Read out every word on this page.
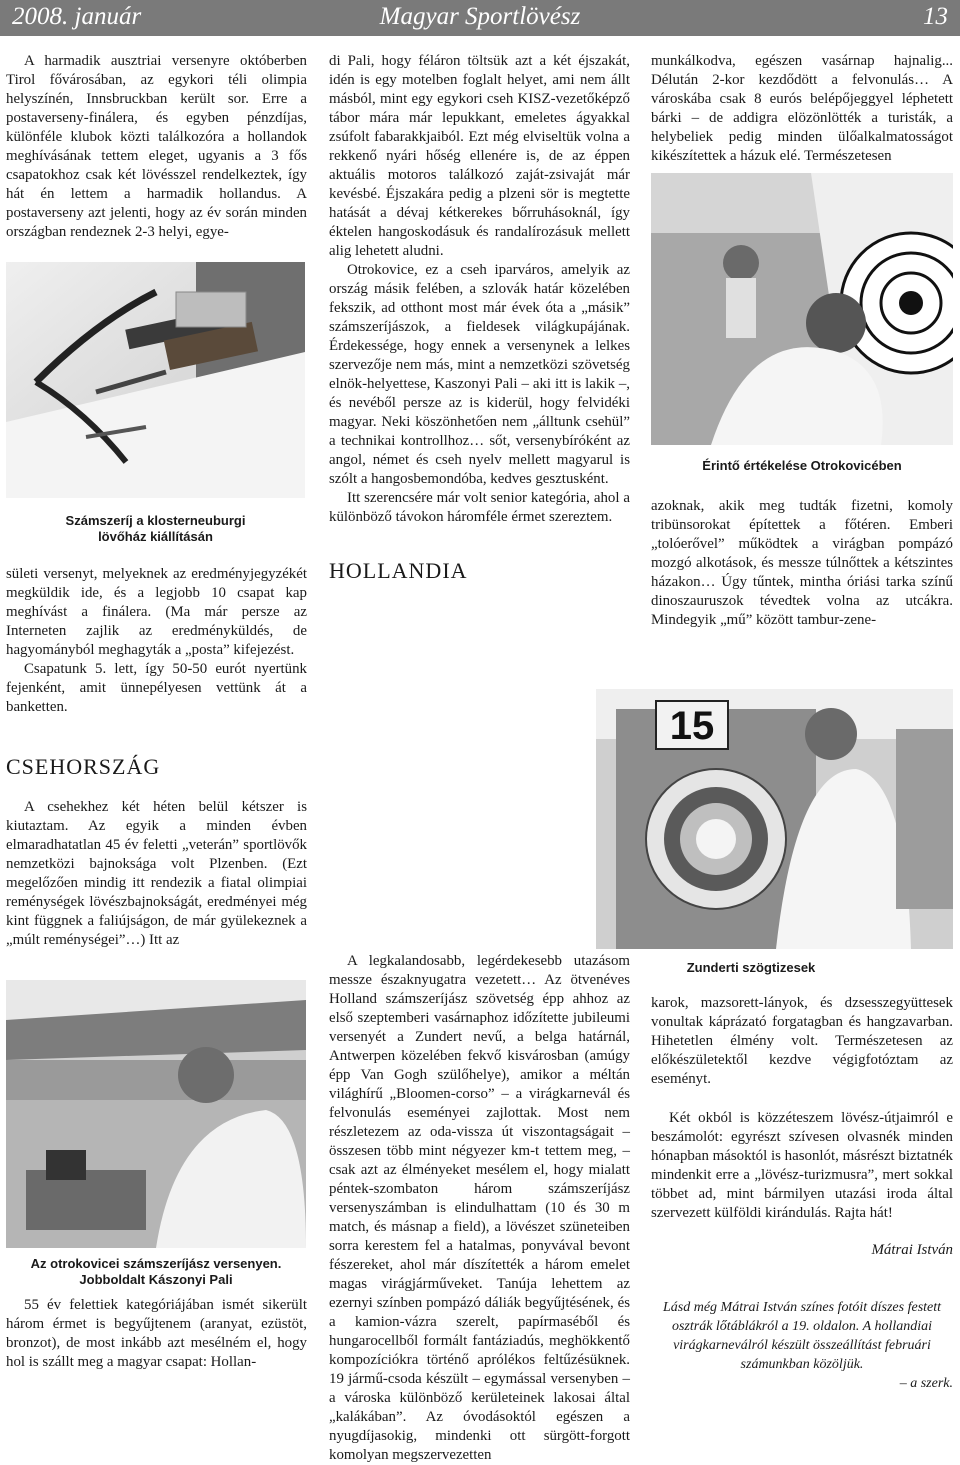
Magyar Sportlövész
2008. január	13

A harmadik ausztriai versenyre októberben Tirol fővárosában, az egykori téli olimpia helyszínén, Innsbruckban került sor. Erre a postaverseny-finálera, és egyben pénzdíjas, különféle klubok közti találkozóra a hollandok meghívásának tettem eleget, ugyanis a 3 fős csapatokhoz csak két lövésszel rendelkeztek, így hát én lettem a harmadik hollandus. A postaverseny azt jelenti, hogy az év során minden országban rendeznek 2-3 helyi, egye-

Számszeríj a klosterneuburgi
lövőház kiállításán

sületi versenyt, melyeknek az eredményjegyzékét megküldik ide, és a legjobb 10 csapat kap meghívást a finálera. (Ma már persze az Interneten zajlik az eredményküldés, de hagyományból meghagyták a „posta” kifejezést.

Csapatunk 5. lett, így 50-50 eurót nyertünk fejenként, amit ünnepélyesen vettünk át a banketten.

CSEHORSZÁG

A csehekhez két héten belül kétszer is kiutaztam. Az egyik a minden évben elmaradhatatlan 45 év feletti „veterán” sportlövők nemzetközi bajnoksága volt Plzenben. (Ezt megelőzően mindig itt rendezik a fiatal olimpiai reménységek lövészbajnokságát, eredményei még kint függnek a faliújságon, de már gyülekeznek a „múlt reménységei”…) Itt az

Az otrokovicei számszeríjász versenyen.
Jobboldalt Kászonyi Pali

55 év felettiek kategóriájában ismét sikerült három érmet is begyűjtenem (aranyat, ezüstöt, bronzot), de most inkább azt mesélném el, hogy hol is szállt meg a magyar csapat: Hollan-

di Pali, hogy féláron töltsük azt a két éjszakát, idén is egy motelben foglalt helyet, ami nem állt másból, mint egy egykori cseh KISZ-vezetőképző tábor mára már lepukkant, emeletes ágyakkal zsúfolt fabarakkjaiból. Ezt még elviseltük volna a rekkenő nyári hőség ellenére is, de az éppen aktuális motoros találkozó zaját-zsivaját már kevésbé. Éjszakára pedig a plzeni sör is megtette hatását a dévaj kétkerekes bőrruhásoknál, így éktelen hangoskodásuk és randalírozásuk mellett alig lehetett aludni.

Otrokovice, ez a cseh iparváros, amelyik az ország másik felében, a szlovák határ közelében fekszik, ad otthont most már évek óta a „másik” számszeríjászok, a fieldesek világkupájának. Érdekessége, hogy ennek a versenynek a lelkes szervezője nem más, mint a nemzetközi szövetség elnök-helyettese, Kaszonyi Pali – aki itt is lakik –, és nevéből persze az is kiderül, hogy felvidéki magyar. Neki köszönhetően nem „álltunk csehül” a technikai kontrollhoz… sőt, versenybíróként az angol, német és cseh nyelv mellett magyarul is szólt a hangosbemondóba, kedves gesztusként.

Itt szerencsére már volt senior kategória, ahol a különböző távokon háromféle érmet szereztem.

HOLLANDIA

A legkalandosabb, legérdekesebb utazásom messze északnyugatra vezetett… Az ötvenéves Holland számszeríjász szövetség épp ahhoz az első szeptemberi vasárnaphoz időzítette jubileumi versenyét a Zundert nevű, a belga határnál, Antwerpen közelében fekvő kisvárosban (amúgy épp Van Gogh szülőhelye), amikor a méltán világhírű „Bloomen-corso” – a virágkarnevál és felvonulás eseményei zajlottak. Most nem részletezem az oda-vissza út viszontagságait – összesen több mint négyezer km-t tettem meg, – csak azt az élményeket mesélem el, hogy mialatt péntek-szombaton három számszeríjász versenyszámban is elindulhattam (10 és 30 m match, és másnap a field), a lövészet szüneteiben sorra kerestem fel a hatalmas, ponyvával bevont fészereket, ahol már díszítették a három emelet magas virágjárműveket. Tanúja lehettem az ezernyi színben pompázó dáliák begyűjtésének, és a kamion-vázra szerelt, papírmaséből és hungarocellből formált fantáziadús, meghökkentő kompozíciókra történő aprólékos feltűzésüknek. 19 jármű-csoda készült – egymással versenyben – a városka különböző kerületeinek lakosai által „kalákában”. Az óvodásoktól egészen a nyugdíjasokig, mindenki ott sürgött-forgott komolyan megszervezetten

munkálkodva, egészen vasárnap hajnalig... Délután 2-kor kezdődött a felvonulás… A városkába csak 8 eurós belépőjeggyel léphetett bárki – de addigra elözönlötték a turisták, a helybeliek pedig minden ülőalkalmatosságot kikészítettek a házuk elé. Természetesen

Érintő értékelése Otrokovicében

azoknak, akik meg tudták fizetni, komoly tribünsorokat építettek a főtéren. Emberi „tolóerővel” működtek a virágban pompázó mozgó alkotások, és messze túlnőttek a kétszintes házakon… Úgy tűntek, mintha óriási tarka színű dinoszauruszok tévedtek volna az utcákra. Mindegyik „mű” között tambur-zene-

15
Zunderti szögtizesek

karok, mazsorett-lányok, és dzsesszegyüttesek vonultak káprázató forgatagban és hangzavarban. Hihetetlen élmény volt. Természetesen az előkészületektől kezdve végigfotóztam az eseményt.

Két okból is közzéteszem lövész-útjaimról e beszámolót: egyrészt szívesen olvasnék minden hónapban másoktól is hasonlót, másrészt biztatnék mindenkit erre a „lövész-turizmusra”, mert sokkal többet ad, mint bármilyen utazási iroda által szervezett külföldi kirándulás. Rajta hát!

Mátrai István
Lásd még Mátrai István színes fotóit díszes festett osztrák lőtáblákról a 19. oldalon. A hollandiai virágkarneválról készült összeállítást februári számunkban közöljük.
– a szerk.
